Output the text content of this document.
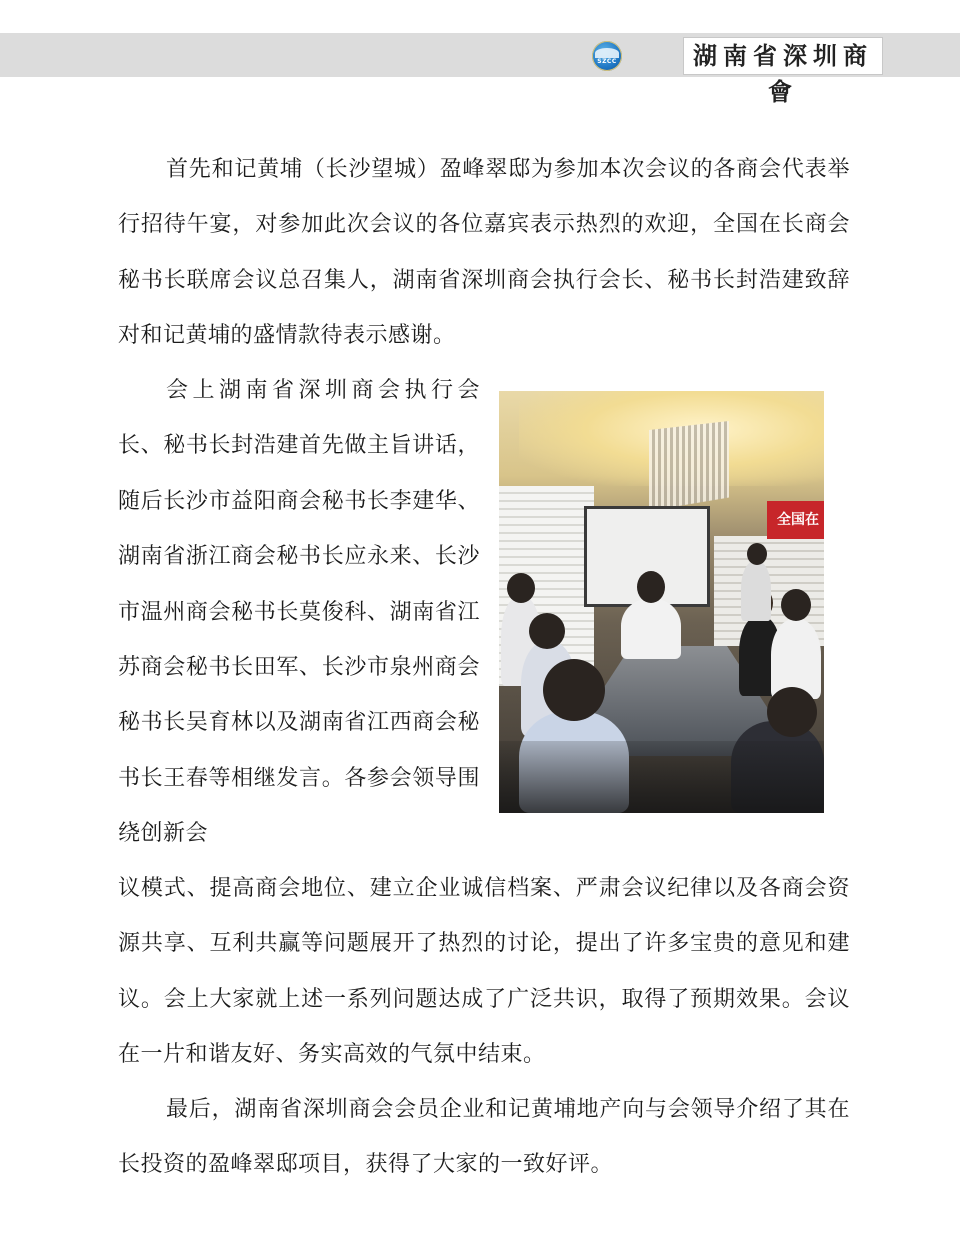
SZCC	湖南省深圳商會

首先和记黄埔（长沙望城）盈峰翠邸为参加本次会议的各商会代表举行招待午宴，对参加此次会议的各位嘉宾表示热烈的欢迎，全国在长商会秘书长联席会议总召集人，湖南省深圳商会执行会长、秘书长封浩建致辞对和记黄埔的盛情款待表示感谢。

会上湖南省深圳商会执行会长、秘书长封浩建首先做主旨讲话，随后长沙市益阳商会秘书长李建华、湖南省浙江商会秘书长应永来、长沙市温州商会秘书长莫俊科、湖南省江苏商会秘书长田军、长沙市泉州商会秘书长吴育林以及湖南省江西商会秘书长王春等相继发言。各参会领导围绕创新会

全国在

议模式、提高商会地位、建立企业诚信档案、严肃会议纪律以及各商会资源共享、互利共赢等问题展开了热烈的讨论，提出了许多宝贵的意见和建议。会上大家就上述一系列问题达成了广泛共识，取得了预期效果。会议在一片和谐友好、务实高效的气氛中结束。

最后，湖南省深圳商会会员企业和记黄埔地产向与会领导介绍了其在长投资的盈峰翠邸项目，获得了大家的一致好评。
